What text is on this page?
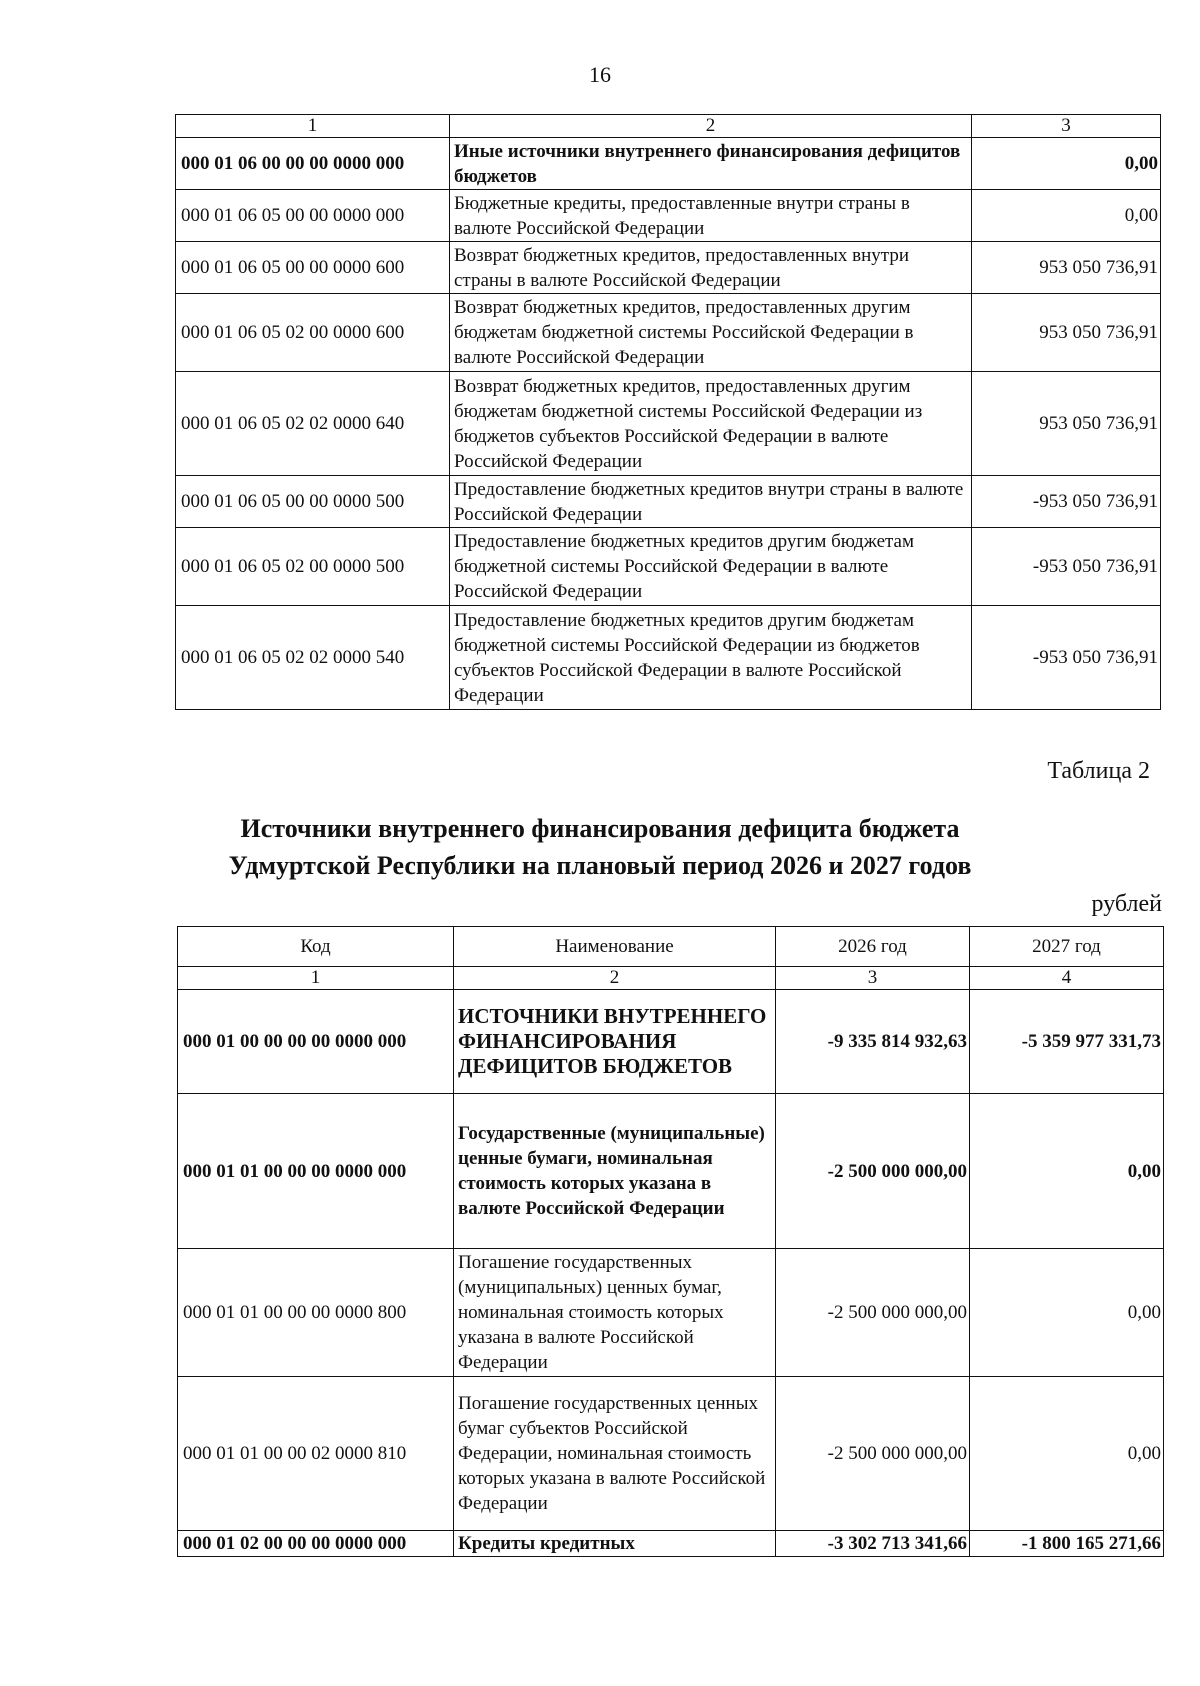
16
1	2	3
000 01 06 00 00 00 0000 000	Иные источники внутреннего финансирования дефицитов бюджетов	0,00
000 01 06 05 00 00 0000 000	Бюджетные кредиты, предоставленные внутри страны в валюте Российской Федерации	0,00
000 01 06 05 00 00 0000 600	Возврат бюджетных кредитов, предоставленных внутри страны в валюте Российской Федерации	953 050 736,91
000 01 06 05 02 00 0000 600	Возврат бюджетных кредитов, предоставленных другим бюджетам бюджетной системы Российской Федерации в валюте Российской Федерации	953 050 736,91
000 01 06 05 02 02 0000 640	Возврат бюджетных кредитов, предоставленных другим бюджетам бюджетной системы Российской Федерации из бюджетов субъектов Российской Федерации в валюте Российской Федерации	953 050 736,91
000 01 06 05 00 00 0000 500	Предоставление бюджетных кредитов внутри страны в валюте Российской Федерации	-953 050 736,91
000 01 06 05 02 00 0000 500	Предоставление бюджетных кредитов другим бюджетам бюджетной системы Российской Федерации в валюте Российской Федерации	-953 050 736,91
000 01 06 05 02 02 0000 540	Предоставление бюджетных кредитов другим бюджетам бюджетной системы Российской Федерации из бюджетов субъектов Российской Федерации в валюте Российской Федерации	-953 050 736,91
Таблица 2
Источники внутреннего финансирования дефицита бюджета
Удмуртской Республики на плановый период 2026 и 2027 годов
рублей
Код	Наименование	2026 год	2027 год
1	2	3	4
000 01 00 00 00 00 0000 000	ИСТОЧНИКИ ВНУТРЕННЕГО ФИНАНСИРОВАНИЯ ДЕФИЦИТОВ БЮДЖЕТОВ	-9 335 814 932,63	-5 359 977 331,73
000 01 01 00 00 00 0000 000	Государственные (муниципальные) ценные бумаги, номинальная стоимость которых указана в валюте Российской Федерации	-2 500 000 000,00	0,00
000 01 01 00 00 00 0000 800	Погашение государственных (муниципальных) ценных бумаг, номинальная стоимость которых указана в валюте Российской Федерации	-2 500 000 000,00	0,00
000 01 01 00 00 02 0000 810	Погашение государственных ценных бумаг субъектов Российской Федерации, номинальная стоимость которых указана в валюте Российской Федерации	-2 500 000 000,00	0,00
000 01 02 00 00 00 0000 000	Кредиты кредитных	-3 302 713 341,66	-1 800 165 271,66
